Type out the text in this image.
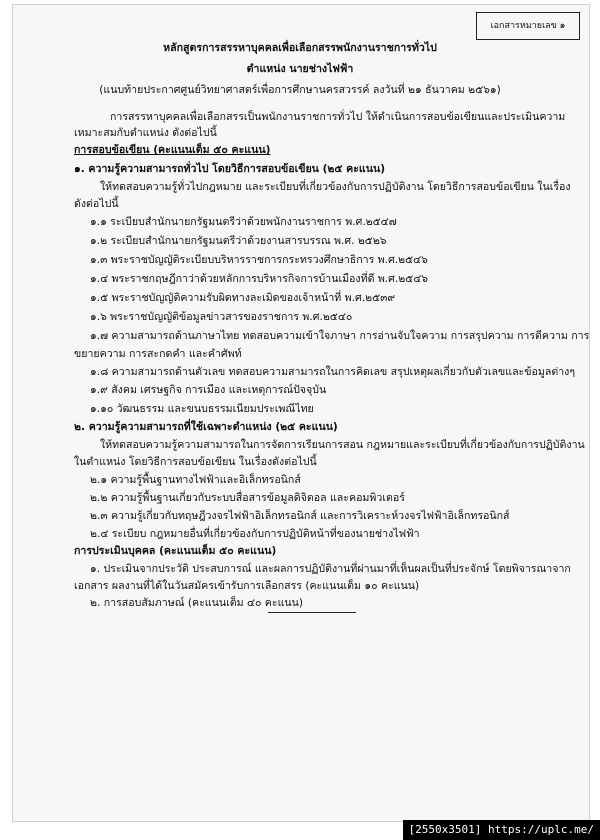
เอกสารหมายเลข ๑
หลักสูตรการสรรหาบุคคลเพื่อเลือกสรรพนักงานราชการทั่วไป
ตำแหน่ง นายช่างไฟฟ้า
(แนบท้ายประกาศศูนย์วิทยาศาสตร์เพื่อการศึกษานครสวรรค์ ลงวันที่ ๒๑ ธันวาคม ๒๕๖๑)
การสรรหาบุคคลเพื่อเลือกสรรเป็นพนักงานราชการทั่วไป ให้ดำเนินการสอบข้อเขียนและประเมินความ
เหมาะสมกับตำแหน่ง ดังต่อไปนี้
การสอบข้อเขียน (คะแนนเต็ม ๕๐ คะแนน)
๑. ความรู้ความสามารถทั่วไป โดยวิธีการสอบข้อเขียน (๒๕ คะแนน)
ให้ทดสอบความรู้ทั่วไปกฎหมาย และระเบียบที่เกี่ยวข้องกับการปฏิบัติงาน โดยวิธีการสอบข้อเขียน ในเรื่อง
ดังต่อไปนี้
๑.๑ ระเบียบสำนักนายกรัฐมนตรีว่าด้วยพนักงานราชการ พ.ศ.๒๕๔๗
๑.๒ ระเบียบสำนักนายกรัฐมนตรีว่าด้วยงานสารบรรณ พ.ศ. ๒๕๒๖
๑.๓ พระราชบัญญัติระเบียบบริหารราชการกระทรวงศึกษาธิการ พ.ศ.๒๕๔๖
๑.๔ พระราชกฤษฎีกาว่าด้วยหลักการบริหารกิจการบ้านเมืองที่ดี พ.ศ.๒๕๔๖
๑.๕ พระราชบัญญัติความรับผิดทางละเมิดของเจ้าหน้าที่ พ.ศ.๒๕๓๙
๑.๖ พระราชบัญญัติข้อมูลข่าวสารของราชการ พ.ศ.๒๕๔๐
๑.๗ ความสามารถด้านภาษาไทย ทดสอบความเข้าใจภาษา การอ่านจับใจความ การสรุปความ การตีความ การ
ขยายความ การสะกดคำ และคำศัพท์
๑.๘ ความสามารถด้านตัวเลข ทดสอบความสามารถในการคิดเลข สรุปเหตุผลเกี่ยวกับตัวเลขและข้อมูลต่างๆ
๑.๙ สังคม เศรษฐกิจ การเมือง และเหตุการณ์ปัจจุบัน
๑.๑๐ วัฒนธรรม และขนบธรรมเนียมประเพณีไทย
๒. ความรู้ความสามารถที่ใช้เฉพาะตำแหน่ง (๒๕ คะแนน)
ให้ทดสอบความรู้ความสามารถในการจัดการเรียนการสอน กฎหมายและระเบียบที่เกี่ยวข้องกับการปฏิบัติงาน
ในตำแหน่ง โดยวิธีการสอบข้อเขียน ในเรื่องดังต่อไปนี้
๒.๑ ความรู้พื้นฐานทางไฟฟ้าและอิเล็กทรอนิกส์
๒.๒ ความรู้พื้นฐานเกี่ยวกับระบบสื่อสารข้อมูลดิจิตอล และคอมพิวเตอร์
๒.๓ ความรู้เกี่ยวกับทฤษฎีวงจรไฟฟ้าอิเล็กทรอนิกส์ และการวิเคราะห์วงจรไฟฟ้าอิเล็กทรอนิกส์
๒.๔ ระเบียบ กฎหมายอื่นที่เกี่ยวข้องกับการปฏิบัติหน้าที่ของนายช่างไฟฟ้า
การประเมินบุคคล (คะแนนเต็ม ๕๐ คะแนน)
๑. ประเมินจากประวัติ ประสบการณ์ และผลการปฏิบัติงานที่ผ่านมาที่เห็นผลเป็นที่ประจักษ์ โดยพิจารณาจาก
เอกสาร ผลงานที่ได้ในวันสมัครเข้ารับการเลือกสรร (คะแนนเต็ม ๑๐ คะแนน)
๒. การสอบสัมภาษณ์ (คะแนนเต็ม ๔๐ คะแนน)
[2550x3501] https://uplc.me/
